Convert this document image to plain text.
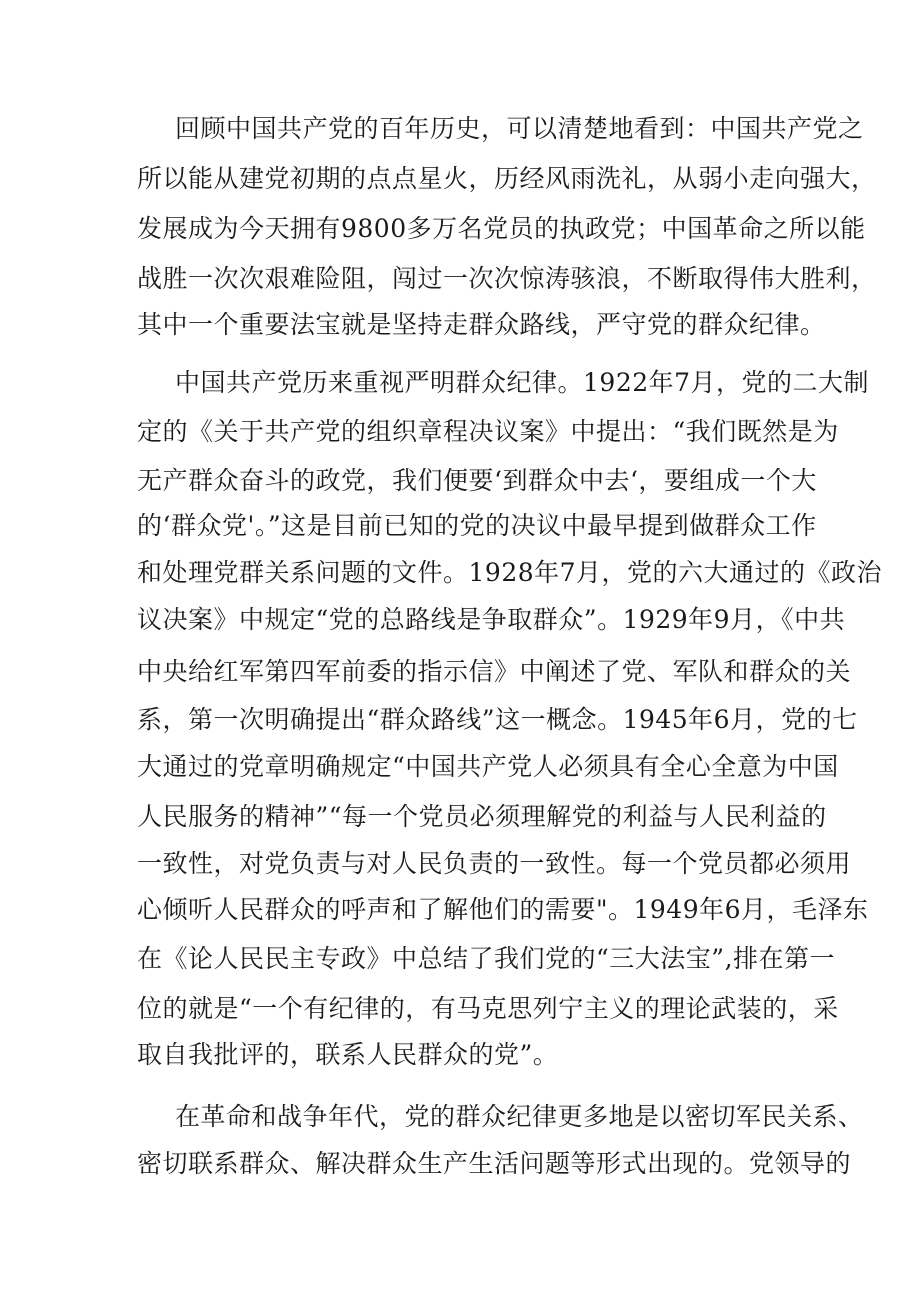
回顾中国共产党的百年历史，可以清楚地看到：中国共产党之
所以能从建党初期的点点星火，历经风雨洗礼，从弱小走向强大，
发展成为今天拥有9800多万名党员的执政党；中国革命之所以能
战胜一次次艰难险阻，闯过一次次惊涛骇浪，不断取得伟大胜利，
其中一个重要法宝就是坚持走群众路线，严守党的群众纪律。
中国共产党历来重视严明群众纪律。1922年7月，党的二大制
定的《关于共产党的组织章程决议案》中提出：“我们既然是为
无产群众奋斗的政党，我们便要‘到群众中去‘，要组成一个大
的‘群众党'。”这是目前已知的党的决议中最早提到做群众工作
和处理党群关系问题的文件。1928年7月，党的六大通过的《政治
议决案》中规定“党的总路线是争取群众”。1929年9月，《中共
中央给红军第四军前委的指示信》中阐述了党、军队和群众的关
系，第一次明确提出“群众路线”这一概念。1945年6月，党的七
大通过的党章明确规定“中国共产党人必须具有全心全意为中国
人民服务的精神”“每一个党员必须理解党的利益与人民利益的
一致性，对党负责与对人民负责的一致性。每一个党员都必须用
心倾听人民群众的呼声和了解他们的需要"。1949年6月，毛泽东
在《论人民民主专政》中总结了我们党的“三大法宝”,排在第一
位的就是“一个有纪律的，有马克思列宁主义的理论武装的，采
取自我批评的，联系人民群众的党”。
在革命和战争年代，党的群众纪律更多地是以密切军民关系、
密切联系群众、解决群众生产生活问题等形式出现的。党领导的
